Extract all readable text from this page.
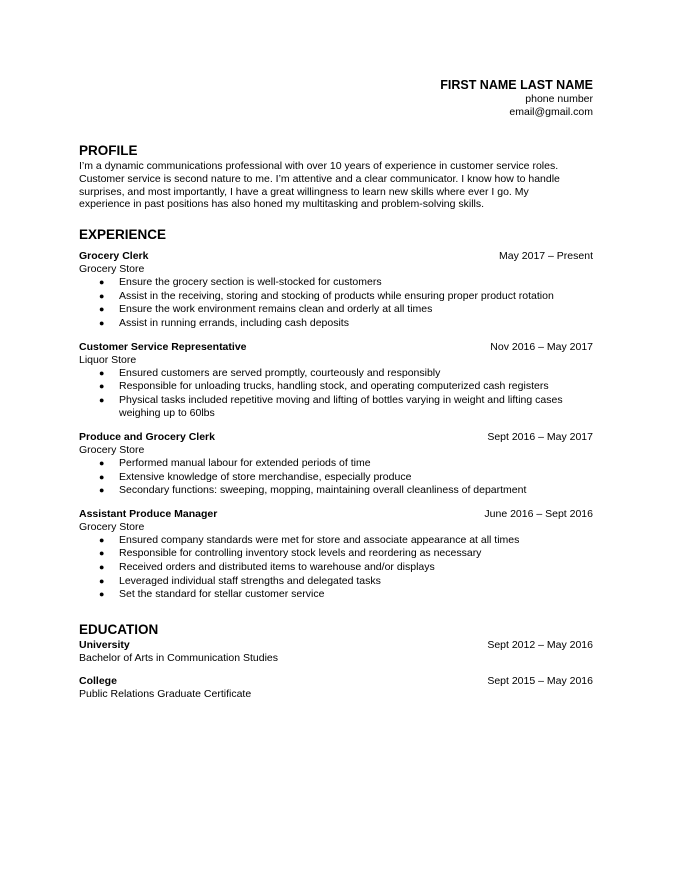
FIRST NAME LAST NAME
phone number
email@gmail.com
PROFILE
I’m a dynamic communications professional with over 10 years of experience in customer service roles.
Customer service is second nature to me. I’m attentive and a clear communicator. I know how to handle
surprises, and most importantly, I have a great willingness to learn new skills where ever I go. My
experience in past positions has also honed my multitasking and problem-solving skills.
EXPERIENCE
Grocery Clerk	May 2017 – Present
Grocery Store
● Ensure the grocery section is well-stocked for customers
● Assist in the receiving, storing and stocking of products while ensuring proper product rotation
● Ensure the work environment remains clean and orderly at all times
● Assist in running errands, including cash deposits
Customer Service Representative	Nov 2016 – May 2017
Liquor Store
● Ensured customers are served promptly, courteously and responsibly
● Responsible for unloading trucks, handling stock, and operating computerized cash registers
● Physical tasks included repetitive moving and lifting of bottles varying in weight and lifting cases weighing up to 60lbs
Produce and Grocery Clerk	Sept 2016 – May 2017
Grocery Store
● Performed manual labour for extended periods of time
● Extensive knowledge of store merchandise, especially produce
● Secondary functions: sweeping, mopping, maintaining overall cleanliness of department
Assistant Produce Manager	June 2016 – Sept 2016
Grocery Store
● Ensured company standards were met for store and associate appearance at all times
● Responsible for controlling inventory stock levels and reordering as necessary
● Received orders and distributed items to warehouse and/or displays
● Leveraged individual staff strengths and delegated tasks
● Set the standard for stellar customer service
EDUCATION
University	Sept 2012 – May 2016
Bachelor of Arts in Communication Studies
College	Sept 2015 – May 2016
Public Relations Graduate Certificate
